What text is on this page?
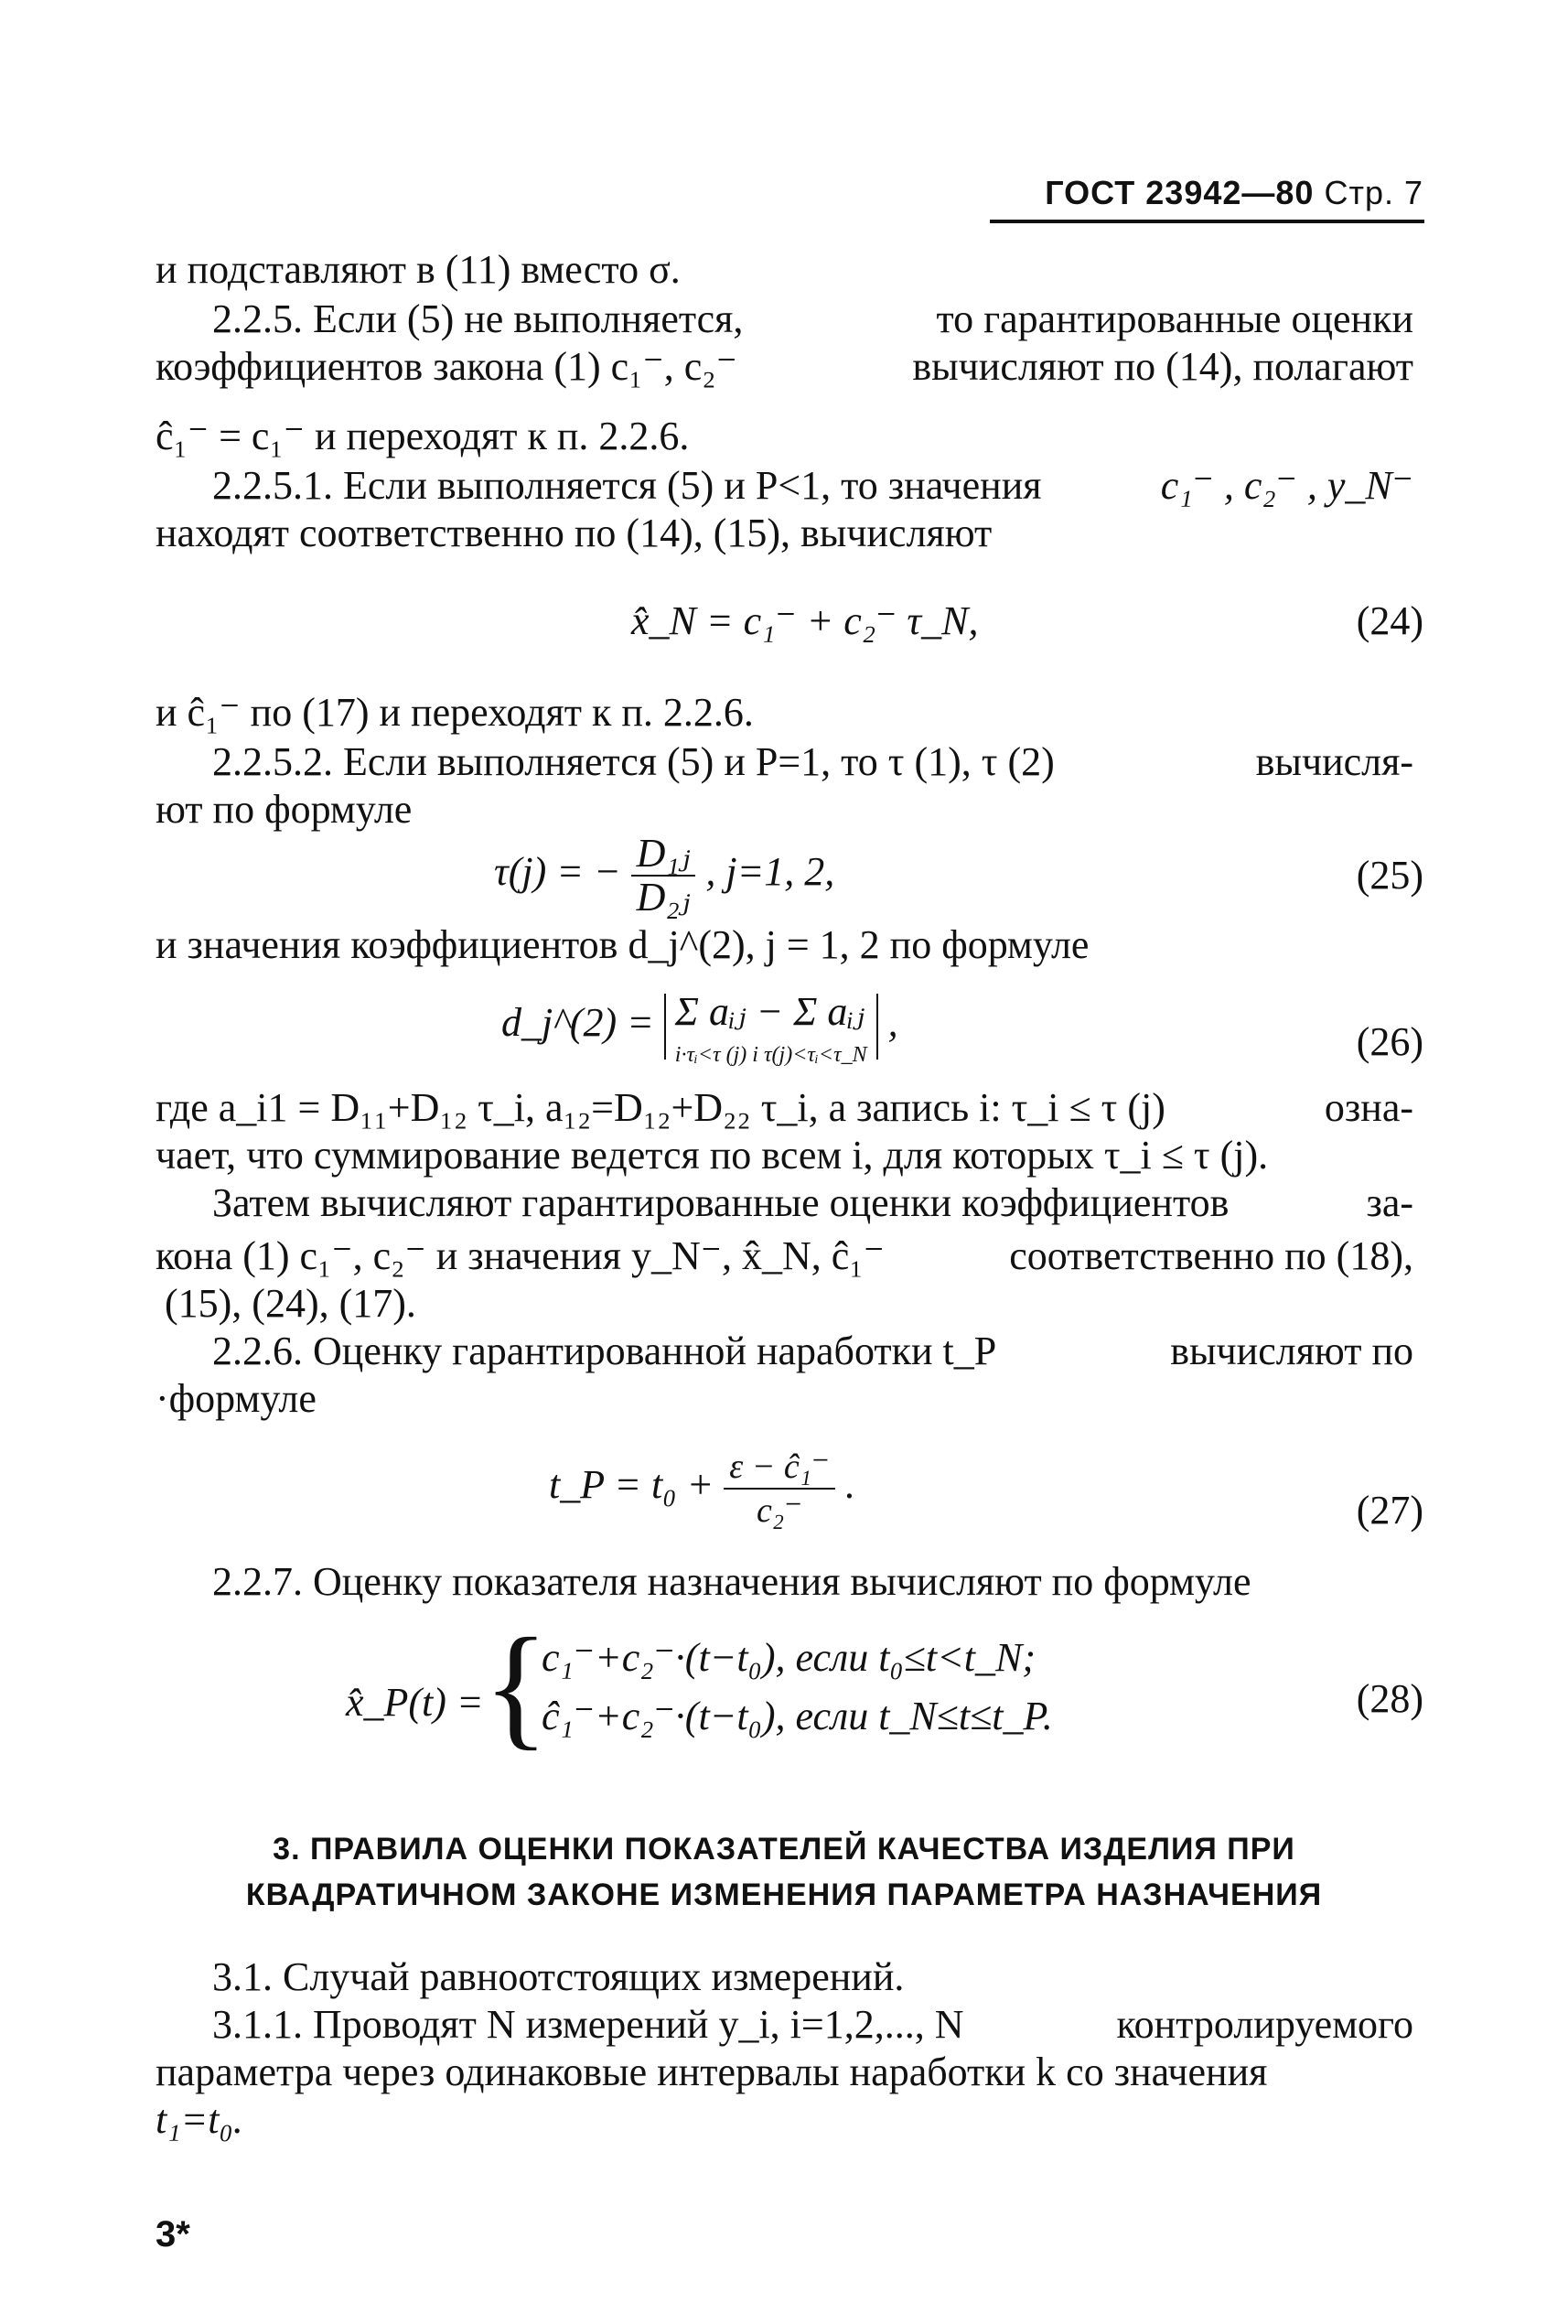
ГОСТ 23942—80 Стр. 7
и подставляют в (11) вместо σ.
2.2.5. Если (5) не выполняется,	то гарантированные оценки
коэффициентов закона (1) c₁⁻, c₂⁻	вычисляют по (14), полагают
ĉ₁⁻ = c₁⁻ и переходят к п. 2.2.6.
2.2.5.1. Если выполняется (5) и P<1, то значения	c₁⁻ , c₂⁻ , y_N⁻
находят соответственно по (14), (15), вычисляют
x̂_N = c₁⁻ + c₂⁻ τ_N,	(24)
и ĉ₁⁻ по (17) и переходят к п. 2.2.6.
2.2.5.2. Если выполняется (5) и P=1, то τ (1), τ (2)	вычисля-
ют по формуле
τ(j) = − $\frac{\text{D₁ⱼ}}{\text{D₂ⱼ}}$ , j=1, 2,	(25)
и значения коэффициентов d_j^(2), j = 1, 2 по формуле
d_j^(2) = Σ aᵢⱼ − Σ aᵢⱼ
i·τᵢ<τ (j) i τ(j)<τᵢ<τ_N ,	(26)
где a_i1 = D₁₁+D₁₂ τ_i, a₁₂=D₁₂+D₂₂ τ_i, а запись i: τ_i ≤ τ (j)	озна-
чает, что суммирование ведется по всем i, для которых τ_i ≤ τ (j).
Затем вычисляют гарантированные оценки коэффициентов	за-
кона (1) c₁⁻, c₂⁻ и значения y_N⁻, x̂_N, ĉ₁⁻	соответственно по (18),
(15), (24), (17).
2.2.6. Оценку гарантированной наработки t_P	вычисляют по
·формуле
t_P = $t_0 + \frac{\text{ε − ĉ₁⁻}}{\text{c₂⁻}}$ .
(27)
2.2.7. Оценку показателя назначения вычисляют по формуле
x̂_P(t) = {
c₁⁻+c₂⁻·(t−t₀), если t₀≤t<t_N;
ĉ₁⁻+c₂⁻·(t−t₀), если t_N≤t≤t_P.	(28)
3. ПРАВИЛА ОЦЕНКИ ПОКАЗАТЕЛЕЙ КАЧЕСТВА ИЗДЕЛИЯ ПРИ
КВАДРАТИЧНОМ ЗАКОНЕ ИЗМЕНЕНИЯ ПАРАМЕТРА НАЗНАЧЕНИЯ
3.1. Случай равноотстоящих измерений.
3.1.1. Проводят N измерений y_i, i=1,2,..., N	контролируемого
параметра через одинаковые интервалы наработки k со значения
t₁=t₀.
3*
